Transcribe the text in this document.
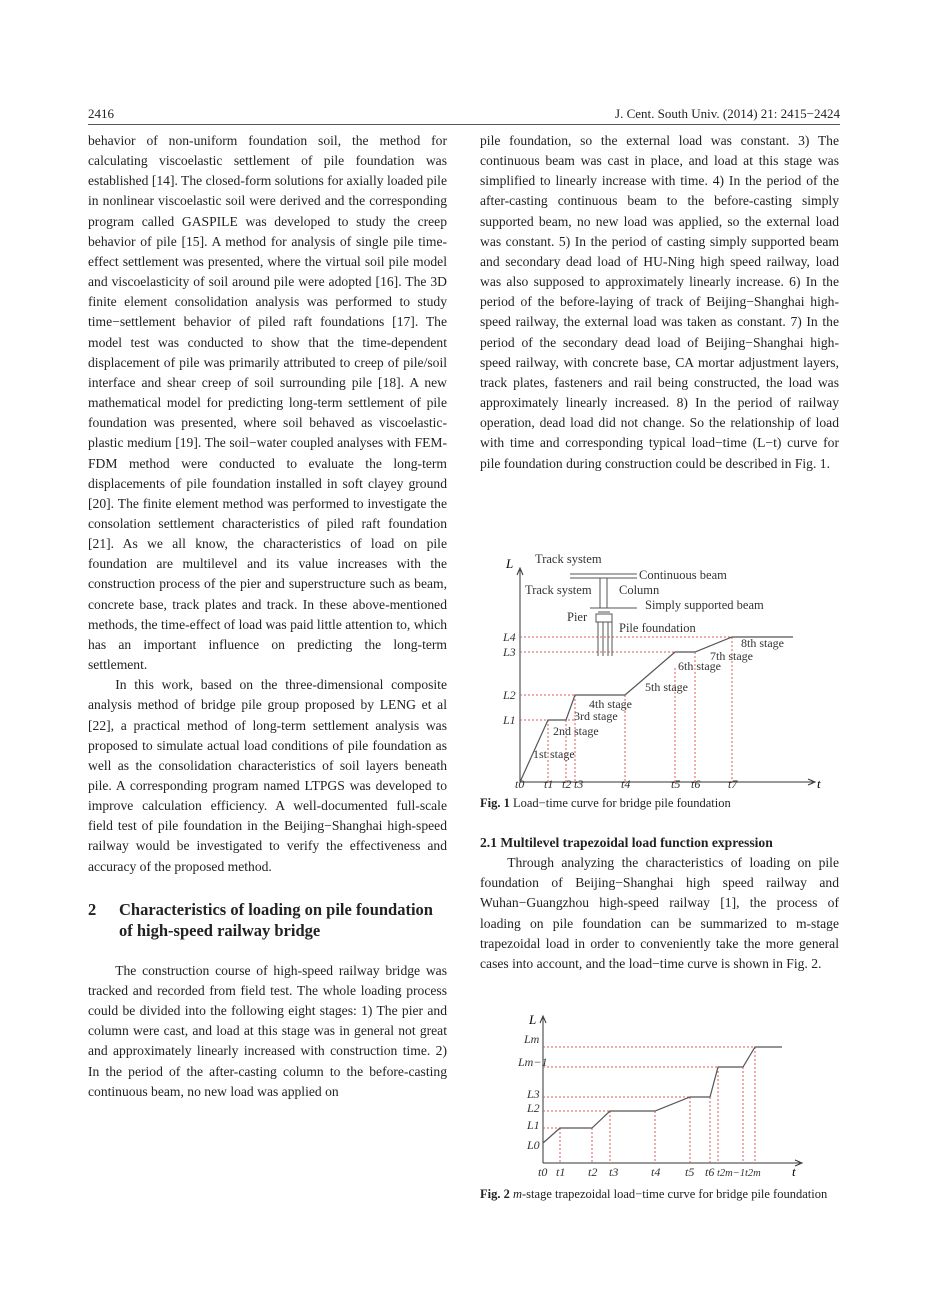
2416	J. Cent. South Univ. (2014) 21: 2415−2424

behavior of non-uniform foundation soil, the method for calculating viscoelastic settlement of pile foundation was established [14]. The closed-form solutions for axially loaded pile in nonlinear viscoelastic soil were derived and the corresponding program called GASPILE was developed to study the creep behavior of pile [15]. A method for analysis of single pile time-effect settlement was presented, where the virtual soil pile model and viscoelasticity of soil around pile were adopted [16]. The 3D finite element consolidation analysis was performed to study time−settlement behavior of piled raft foundations [17]. The model test was conducted to show that the time-dependent displacement of pile was primarily attributed to creep of pile/soil interface and shear creep of soil surrounding pile [18]. A new mathematical model for predicting long-term settlement of pile foundation was presented, where soil behaved as viscoelastic-plastic medium [19]. The soil−water coupled analyses with FEM-FDM method were conducted to evaluate the long-term displacements of pile foundation installed in soft clayey ground [20]. The finite element method was performed to investigate the consolation settlement characteristics of piled raft foundation [21]. As we all know, the characteristics of load on pile foundation are multilevel and its value increases with the construction process of the pier and superstructure such as beam, concrete base, track plates and track. In these above-mentioned methods, the time-effect of load was paid little attention to, which has an important influence on predicting the long-term settlement.

In this work, based on the three-dimensional composite analysis method of bridge pile group proposed by LENG et al [22], a practical method of long-term settlement analysis was proposed to simulate actual load conditions of pile foundation as well as the consolidation characteristics of soil layers beneath pile. A corresponding program named LTPGS was developed to improve calculation efficiency. A well-documented full-scale field test of pile foundation in the Beijing−Shanghai high-speed railway would be investigated to verify the effectiveness and accuracy of the proposed method.

2	Characteristics of loading on pile foundation of high-speed railway bridge

The construction course of high-speed railway bridge was tracked and recorded from field test. The whole loading process could be divided into the following eight stages: 1) The pier and column were cast, and load at this stage was in general not great and approximately linearly increased with construction time. 2) In the period of the after-casting column to the before-casting continuous beam, no new load was applied on

pile foundation, so the external load was constant. 3) The continuous beam was cast in place, and load at this stage was simplified to linearly increase with time. 4) In the period of the after-casting continuous beam to the before-casting simply supported beam, no new load was applied, so the external load was constant. 5) In the period of casting simply supported beam and secondary dead load of HU-Ning high speed railway, load was also supposed to approximately linearly increase. 6) In the period of the before-laying of track of Beijing−Shanghai high-speed railway, the external load was taken as constant. 7) In the period of the secondary dead load of Beijing−Shanghai high-speed railway, with concrete base, CA mortar adjustment layers, track plates, fasteners and rail being constructed, the load was approximately linearly increased. 8) In the period of railway operation, dead load did not change. So the relationship of load with time and corresponding typical load−time (L−t) curve for pile foundation during construction could be described in Fig. 1.

Track system
Continuous beam
Track system Column
Simply supported beam
Pier
Pile foundation
L
t
L4
L3
L2
L1
t0 t1 t2 t3	t4	t5 t6 t7
1st stage
2nd stage
3rd stage
4th stage
5th stage
6th stage
7th stage
8th stage
Fig. 1 Load−time curve for bridge pile foundation
2.1 Multilevel trapezoidal load function expression

Through analyzing the characteristics of loading on pile foundation of Beijing−Shanghai high speed railway and Wuhan−Guangzhou high-speed railway [1], the process of loading on pile foundation can be summarized to m-stage trapezoidal load in order to conveniently take the more general cases into account, and the load−time curve is shown in Fig. 2.

L
t
Lm
Lm−1
L3
L2
L1
L0
t0 t1 t2 t3	t4 t5 t6 t2m−1 t2m
Fig. 2 m-stage trapezoidal load−time curve for bridge pile foundation
